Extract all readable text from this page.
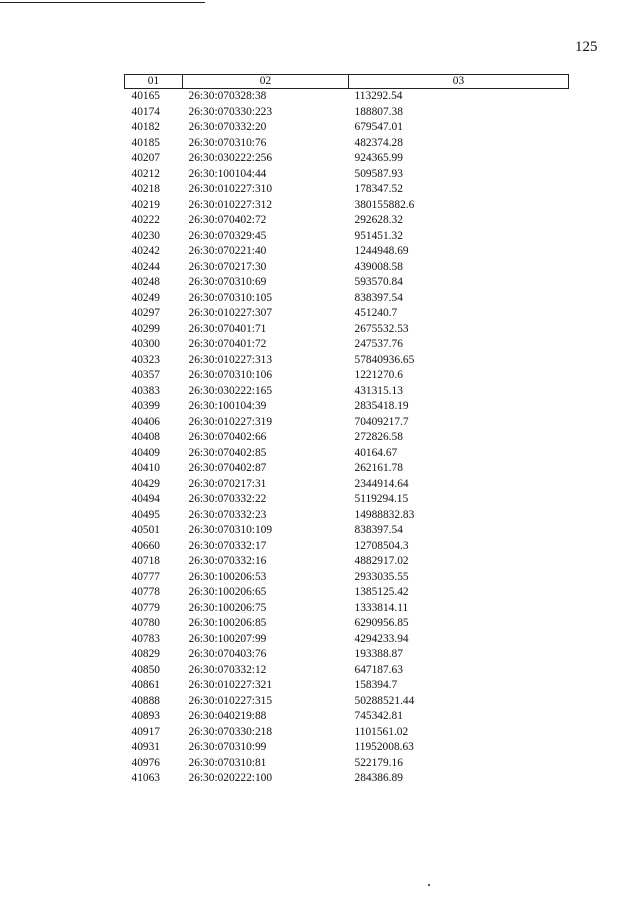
125
01	02	03
40165	26:30:070328:38	113292.54
40174	26:30:070330:223	188807.38
40182	26:30:070332:20	679547.01
40185	26:30:070310:76	482374.28
40207	26:30:030222:256	924365.99
40212	26:30:100104:44	509587.93
40218	26:30:010227:310	178347.52
40219	26:30:010227:312	380155882.6
40222	26:30:070402:72	292628.32
40230	26:30:070329:45	951451.32
40242	26:30:070221:40	1244948.69
40244	26:30:070217:30	439008.58
40248	26:30:070310:69	593570.84
40249	26:30:070310:105	838397.54
40297	26:30:010227:307	451240.7
40299	26:30:070401:71	2675532.53
40300	26:30:070401:72	247537.76
40323	26:30:010227:313	57840936.65
40357	26:30:070310:106	1221270.6
40383	26:30:030222:165	431315.13
40399	26:30:100104:39	2835418.19
40406	26:30:010227:319	70409217.7
40408	26:30:070402:66	272826.58
40409	26:30:070402:85	40164.67
40410	26:30:070402:87	262161.78
40429	26:30:070217:31	2344914.64
40494	26:30:070332:22	5119294.15
40495	26:30:070332:23	14988832.83
40501	26:30:070310:109	838397.54
40660	26:30:070332:17	12708504.3
40718	26:30:070332:16	4882917.02
40777	26:30:100206:53	2933035.55
40778	26:30:100206:65	1385125.42
40779	26:30:100206:75	1333814.11
40780	26:30:100206:85	6290956.85
40783	26:30:100207:99	4294233.94
40829	26:30:070403:76	193388.87
40850	26:30:070332:12	647187.63
40861	26:30:010227:321	158394.7
40888	26:30:010227:315	50288521.44
40893	26:30:040219:88	745342.81
40917	26:30:070330:218	1101561.02
40931	26:30:070310:99	11952008.63
40976	26:30:070310:81	522179.16
41063	26:30:020222:100	284386.89
